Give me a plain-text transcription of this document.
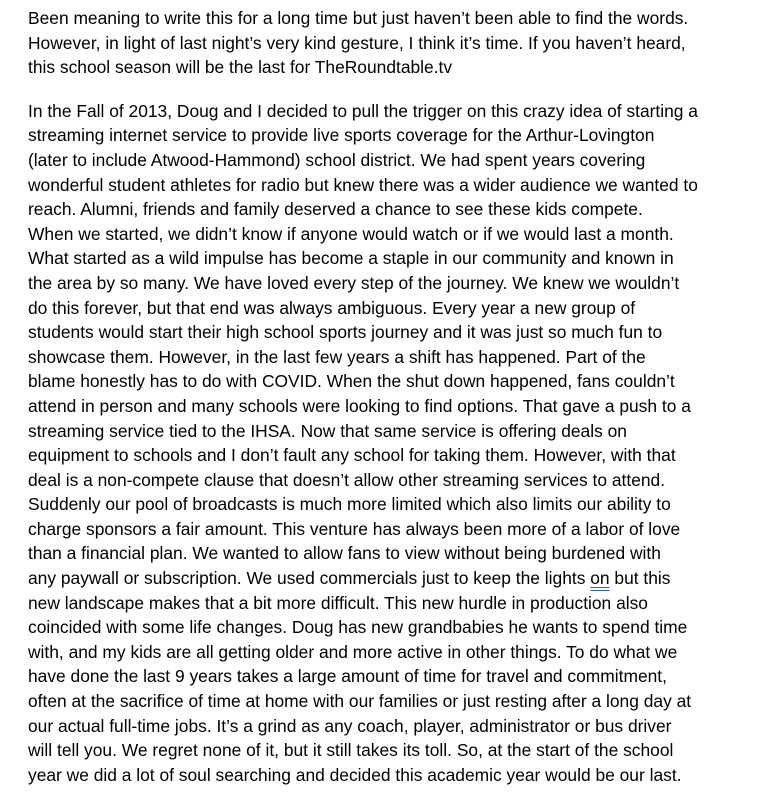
Been meaning to write this for a long time but just haven’t been able to find the words.
However, in light of last night’s very kind gesture, I think it’s time. If you haven’t heard,
this school season will be the last for TheRoundtable.tv
In the Fall of 2013, Doug and I decided to pull the trigger on this crazy idea of starting a
streaming internet service to provide live sports coverage for the Arthur-Lovington
(later to include Atwood-Hammond) school district. We had spent years covering
wonderful student athletes for radio but knew there was a wider audience we wanted to
reach. Alumni, friends and family deserved a chance to see these kids compete.
When we started, we didn’t know if anyone would watch or if we would last a month.
What started as a wild impulse has become a staple in our community and known in
the area by so many. We have loved every step of the journey. We knew we wouldn’t
do this forever, but that end was always ambiguous. Every year a new group of
students would start their high school sports journey and it was just so much fun to
showcase them. However, in the last few years a shift has happened. Part of the
blame honestly has to do with COVID. When the shut down happened, fans couldn’t
attend in person and many schools were looking to find options. That gave a push to a
streaming service tied to the IHSA. Now that same service is offering deals on
equipment to schools and I don’t fault any school for taking them. However, with that
deal is a non-compete clause that doesn’t allow other streaming services to attend.
Suddenly our pool of broadcasts is much more limited which also limits our ability to
charge sponsors a fair amount. This venture has always been more of a labor of love
than a financial plan. We wanted to allow fans to view without being burdened with
any paywall or subscription. We used commercials just to keep the lights on but this
new landscape makes that a bit more difficult. This new hurdle in production also
coincided with some life changes. Doug has new grandbabies he wants to spend time
with, and my kids are all getting older and more active in other things. To do what we
have done the last 9 years takes a large amount of time for travel and commitment,
often at the sacrifice of time at home with our families or just resting after a long day at
our actual full-time jobs. It’s a grind as any coach, player, administrator or bus driver
will tell you. We regret none of it, but it still takes its toll. So, at the start of the school
year we did a lot of soul searching and decided this academic year would be our last.
